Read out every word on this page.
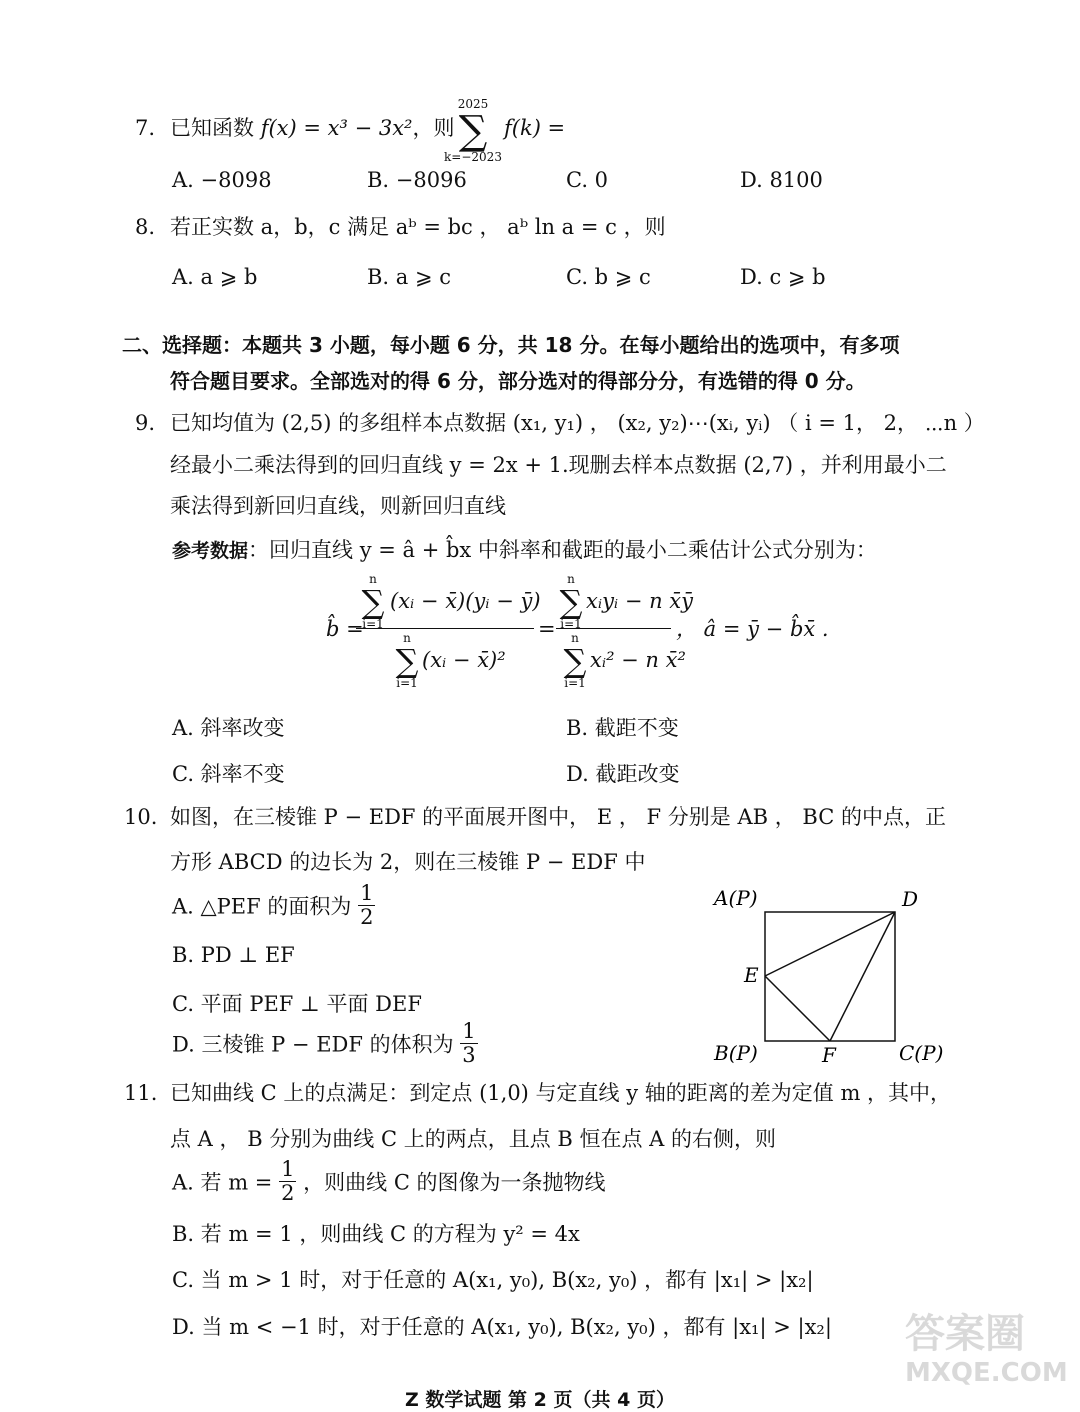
7. 已知函数 f(x) = x³ − 3x²，则
2025
∑
k=−2023
f(k) =
A. −8098	B. −8096	C. 0	D. 8100
8. 若正实数 a，b，c 满足 aᵇ = bc ， aᵇ ln a = c ，则
A. a ⩾ b	B. a ⩾ c	C. b ⩾ c	D. c ⩾ b
二、选择题：本题共 3 小题，每小题 6 分，共 18 分。在每小题给出的选项中，有多项
符合题目要求。全部选对的得 6 分，部分选对的得部分分，有选错的得 0 分。
9. 已知均值为 (2,5) 的多组样本点数据 (x₁, y₁) ， (x₂, y₂)⋯(xᵢ, yᵢ) （ i = 1， 2， ⋯n ）
经最小二乘法得到的回归直线 y = 2x + 1.现删去样本点数据 (2,7) ，并利用最小二
乘法得到新回归直线，则新回归直线
参考数据：回归直线 y = â + b̂x 中斜率和截距的最小二乘估计公式分别为：
b̂ =
n
∑
i=1
(xᵢ − x̄)(yᵢ − ȳ)
n
∑
i=1
(xᵢ − x̄)²
=
n
∑
i=1
xᵢyᵢ − n x̄ȳ
n
∑
i=1
xᵢ² − n x̄²
， â = ȳ − b̂x̄ .
A. 斜率改变	B. 截距不变
C. 斜率不变	D. 截距改变
10. 如图，在三棱锥 P − EDF 的平面展开图中， E ， F 分别是 AB ， BC 的中点，正
方形 ABCD 的边长为 2，则在三棱锥 P − EDF 中
A. △PEF 的面积为 $\frac{1}{2}$
B. PD ⊥ EF
C. 平面 PEF ⊥ 平面 DEF
D. 三棱锥 P − EDF 的体积为 $\frac{1}{3}$
A(P)	D
E
B(P)	F	C(P)
11. 已知曲线 C 上的点满足：到定点 (1,0) 与定直线 y 轴的距离的差为定值 m ，其中，
点 A ， B 分别为曲线 C 上的两点，且点 B 恒在点 A 的右侧，则
A. 若 $m = \frac{1}{2}$ ，则曲线 C 的图像为一条抛物线
B. 若 m = 1 ，则曲线 C 的方程为 y² = 4x
C. 当 m > 1 时，对于任意的 A(x₁, y₀), B(x₂, y₀) ，都有 |x₁| > |x₂|
D. 当 m < −1 时，对于任意的 A(x₁, y₀), B(x₂, y₀) ，都有 |x₁| > |x₂| 答案圈
MXQE.COM
Z 数学试题 第 2 页（共 4 页）
